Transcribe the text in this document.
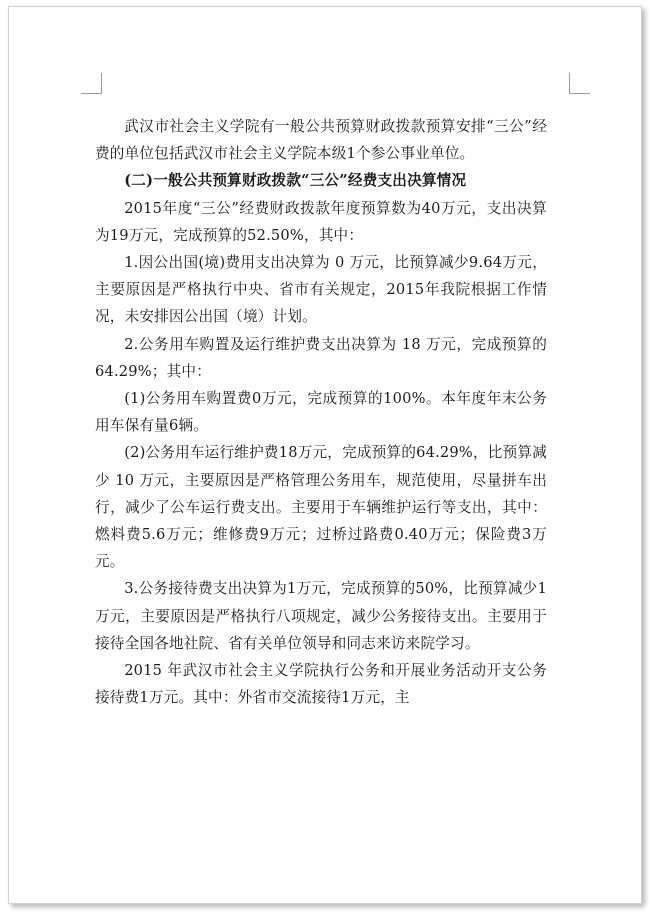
武汉市社会主义学院有一般公共预算财政拨款预算安排“三公”经费的单位包括武汉市社会主义学院本级1个参公事业单位。

(二)一般公共预算财政拨款“三公”经费支出决算情况

2015年度“三公”经费财政拨款年度预算数为40万元，支出决算为19万元，完成预算的52.50%，其中：

1.因公出国(境)费用支出决算为 0 万元，比预算减少9.64万元，主要原因是严格执行中央、省市有关规定，2015年我院根据工作情况，未安排因公出国（境）计划。

2.公务用车购置及运行维护费支出决算为 18 万元，完成预算的64.29%；其中：

(1)公务用车购置费0万元，完成预算的100%。本年度年末公务用车保有量6辆。

(2)公务用车运行维护费18万元，完成预算的64.29%，比预算减少 10 万元，主要原因是严格管理公务用车，规范使用，尽量拼车出行，减少了公车运行费支出。主要用于车辆维护运行等支出，其中：燃料费5.6万元；维修费9万元；过桥过路费0.40万元；保险费3万元。

3.公务接待费支出决算为1万元，完成预算的50%，比预算减少1万元，主要原因是严格执行八项规定，减少公务接待支出。主要用于接待全国各地社院、省有关单位领导和同志来访来院学习。

2015 年武汉市社会主义学院执行公务和开展业务活动开支公务接待费1万元。其中：外省市交流接待1万元，主
